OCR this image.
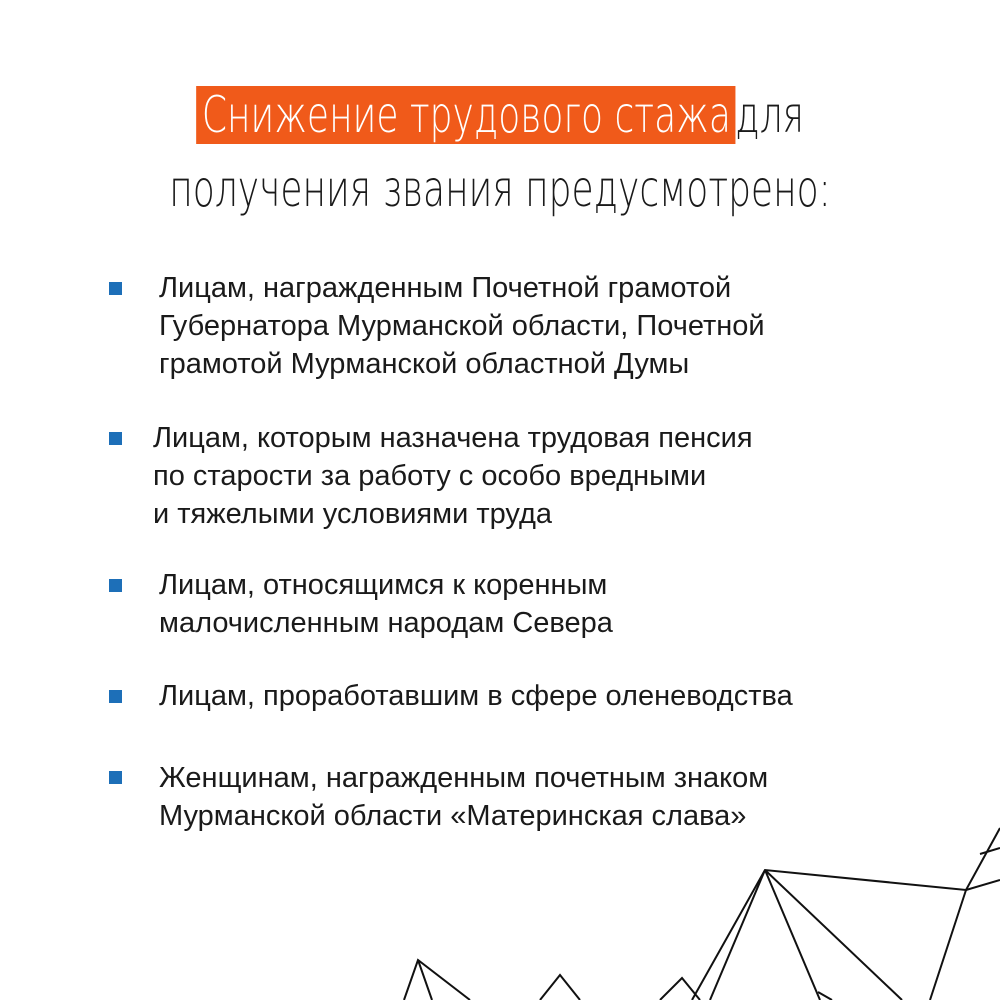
Снижение трудового стажадля
получения звания предусмотрено:
Лицам, награжденным Почетной грамотой
Губернатора Мурманской области, Почетной
грамотой Мурманской областной Думы
Лицам, которым назначена трудовая пенсия
по старости за работу с особо вредными
и тяжелыми условиями труда
Лицам, относящимся к коренным
малочисленным народам Севера
Лицам, проработавшим в сфере оленеводства
Женщинам, награжденным почетным знаком
Мурманской области «Материнская слава»
